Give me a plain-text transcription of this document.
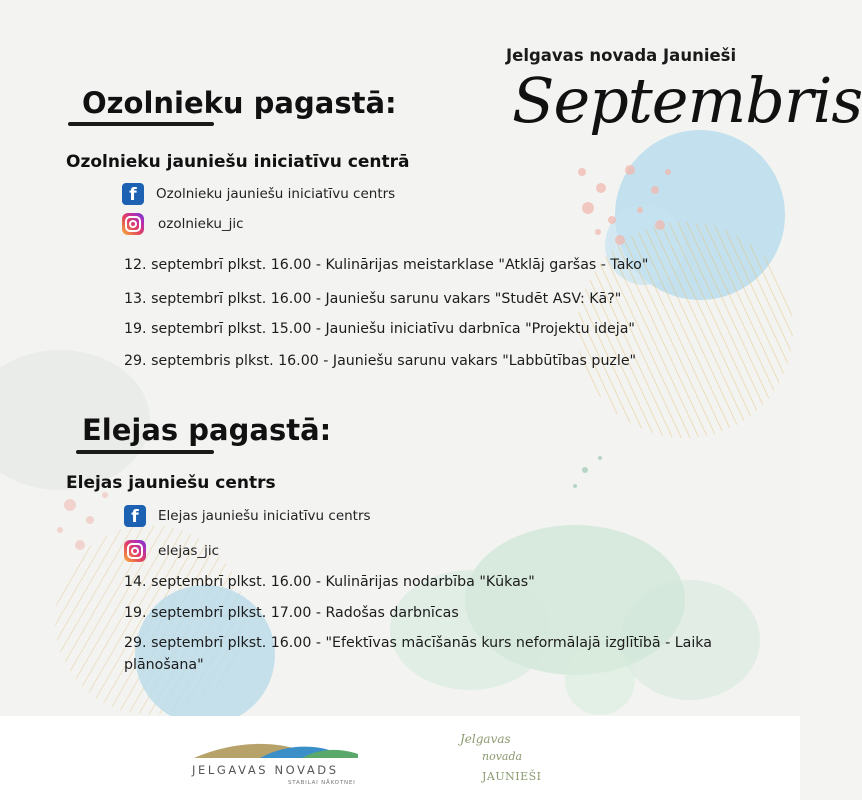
Jelgavas novada Jaunieši
Septembris
Ozolnieku pagastā:
Ozolnieku jauniešu iniciatīvu centrā
f	Ozolnieku jauniešu iniciatīvu centrs
ozolnieku_jic
12. septembrī plkst. 16.00 - Kulinārijas meistarklase "Atklāj garšas - Tako"
13. septembrī plkst. 16.00 - Jauniešu sarunu vakars "Studēt ASV: Kā?"
19. septembrī plkst. 15.00 - Jauniešu iniciatīvu darbnīca "Projektu ideja"
29. septembris plkst. 16.00 - Jauniešu sarunu vakars "Labbūtības puzle"
Elejas pagastā:
Elejas jauniešu centrs
f	Elejas jauniešu iniciatīvu centrs
elejas_jic
14. septembrī plkst. 16.00 - Kulinārijas nodarbība "Kūkas"
19. septembrī plkst. 17.00 - Radošas darbnīcas
29. septembrī plkst. 16.00 - "Efektīvas mācīšanās kurs neformālajā izglītībā - Laika plānošana"
JELGAVAS NOVADS
STABILAI NĀKOTNEI
Jelgavas
novada
JAUNIEŠI
